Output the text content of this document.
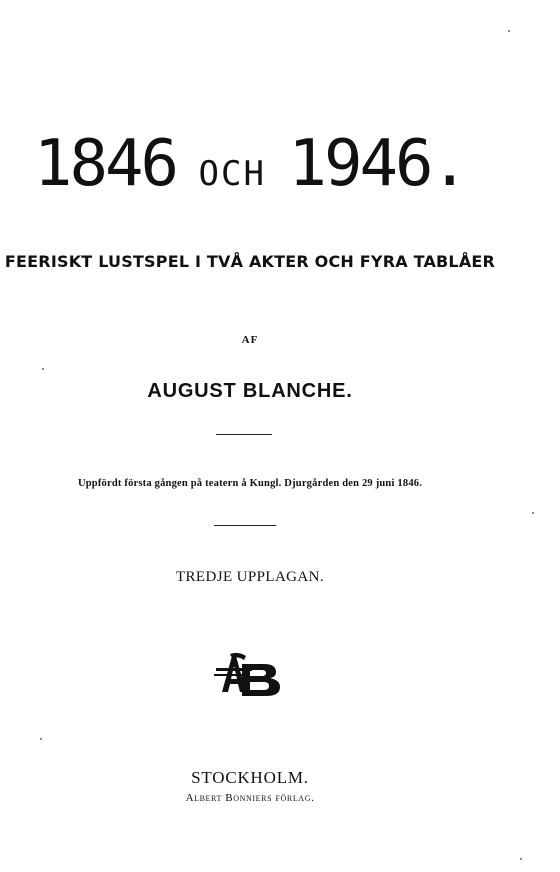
1846 OCH 1946.
FEERISKT LUSTSPEL I TVÅ AKTER OCH FYRA TABLÅER
AF
AUGUST BLANCHE.
Uppfördt första gången på teatern å Kungl. Djurgården den 29 juni 1846.
TREDJE UPPLAGAN.
STOCKHOLM.
Albert Bonniers förlag.
